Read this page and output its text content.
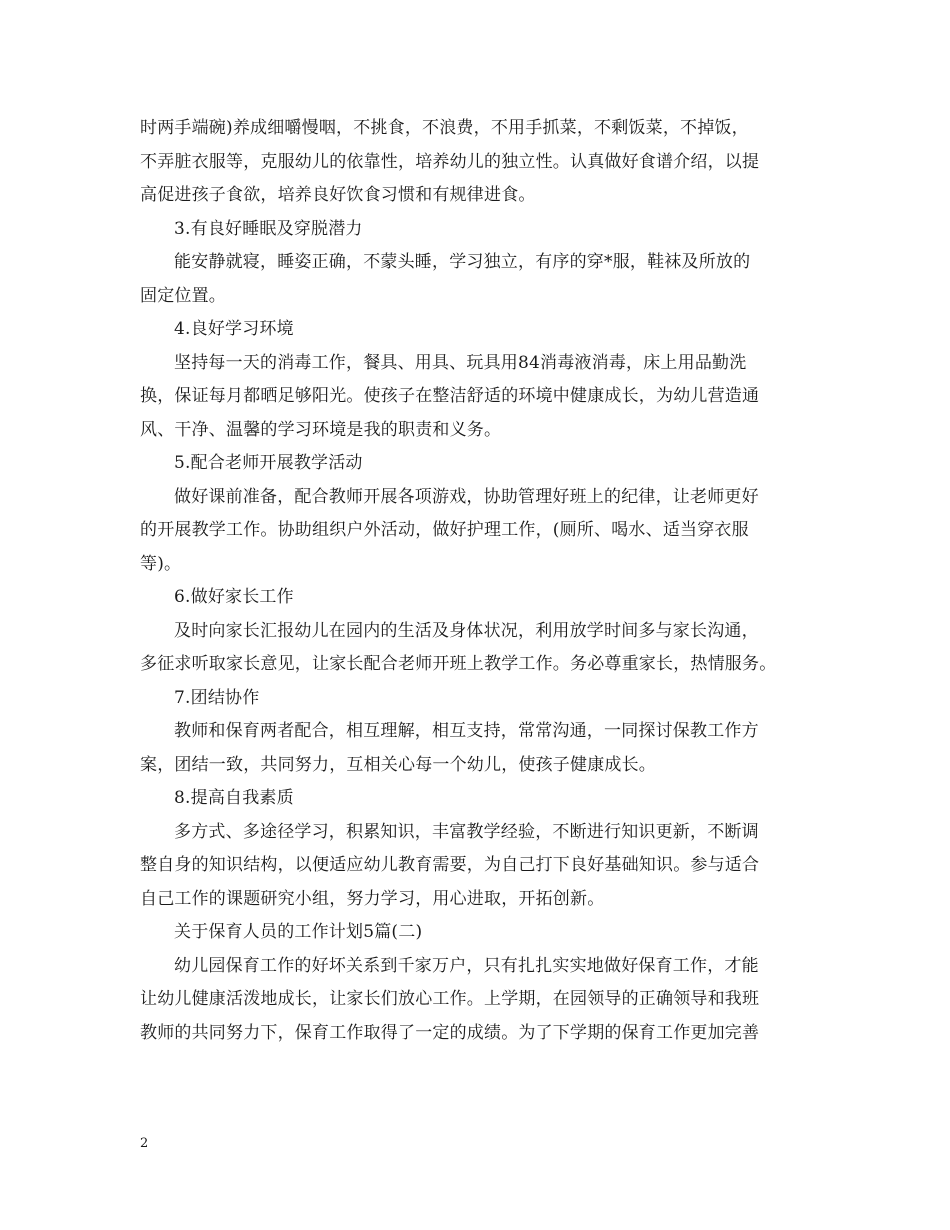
时两手端碗)养成细嚼慢咽，不挑食，不浪费，不用手抓菜，不剩饭菜，不掉饭，
不弄脏衣服等，克服幼儿的依靠性，培养幼儿的独立性。认真做好食谱介绍，以提
高促进孩子食欲，培养良好饮食习惯和有规律进食。
3.有良好睡眠及穿脱潜力
能安静就寝，睡姿正确，不蒙头睡，学习独立，有序的穿*服，鞋袜及所放的
固定位置。
4.良好学习环境
坚持每一天的消毒工作，餐具、用具、玩具用84消毒液消毒，床上用品勤洗
换，保证每月都晒足够阳光。使孩子在整洁舒适的环境中健康成长，为幼儿营造通
风、干净、温馨的学习环境是我的职责和义务。
5.配合老师开展教学活动
做好课前准备，配合教师开展各项游戏，协助管理好班上的纪律，让老师更好
的开展教学工作。协助组织户外活动，做好护理工作，(厕所、喝水、适当穿衣服
等)。
6.做好家长工作
及时向家长汇报幼儿在园内的生活及身体状况，利用放学时间多与家长沟通，
多征求听取家长意见，让家长配合老师开班上教学工作。务必尊重家长，热情服务。
7.团结协作
教师和保育两者配合，相互理解，相互支持，常常沟通，一同探讨保教工作方
案，团结一致，共同努力，互相关心每一个幼儿，使孩子健康成长。
8.提高自我素质
多方式、多途径学习，积累知识，丰富教学经验，不断进行知识更新，不断调
整自身的知识结构，以便适应幼儿教育需要，为自己打下良好基础知识。参与适合
自己工作的课题研究小组，努力学习，用心进取，开拓创新。
关于保育人员的工作计划5篇(二)
幼儿园保育工作的好坏关系到千家万户，只有扎扎实实地做好保育工作，才能
让幼儿健康活泼地成长，让家长们放心工作。上学期，在园领导的正确领导和我班
教师的共同努力下，保育工作取得了一定的成绩。为了下学期的保育工作更加完善
2
